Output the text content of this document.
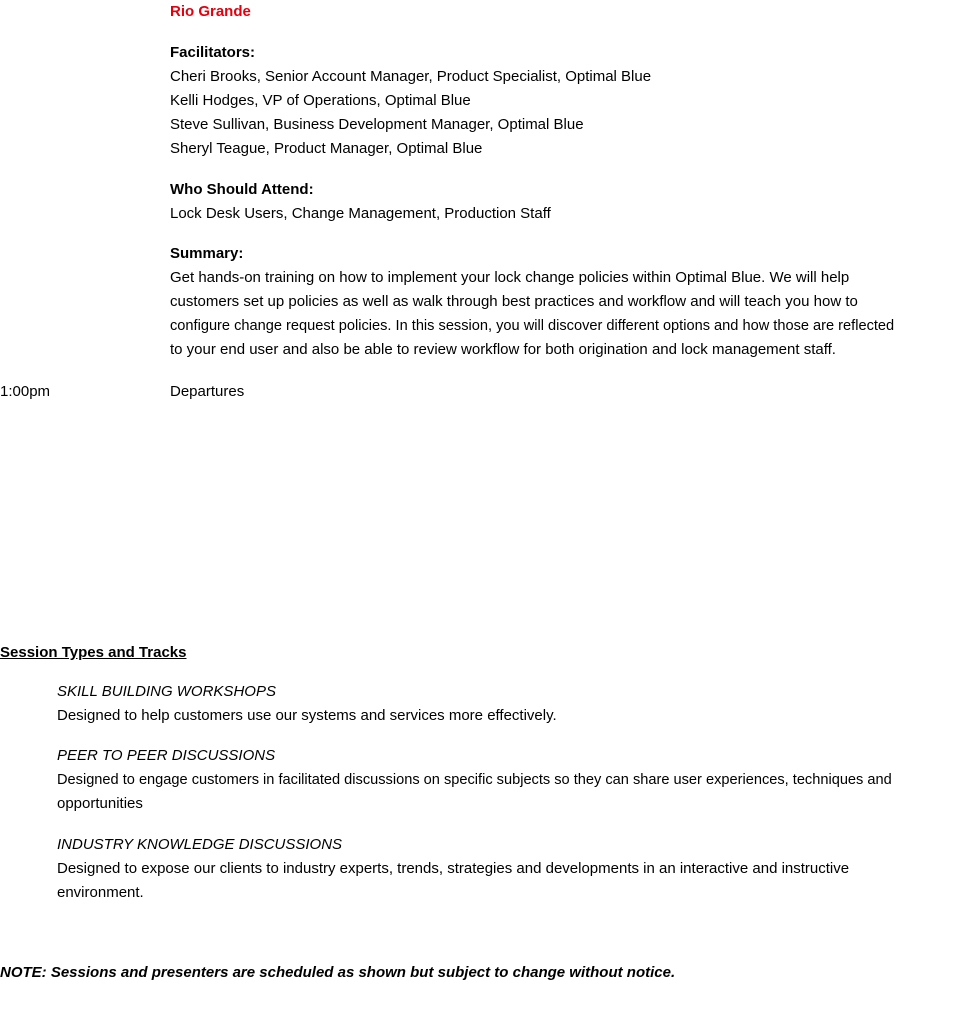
Rio Grande
Facilitators:
Cheri Brooks, Senior Account Manager, Product Specialist, Optimal Blue
Kelli Hodges, VP of Operations, Optimal Blue
Steve Sullivan, Business Development Manager, Optimal Blue
Sheryl Teague, Product Manager, Optimal Blue
Who Should Attend:
Lock Desk Users, Change Management, Production Staff
Summary:
Get hands-on training on how to implement your lock change policies within Optimal Blue. We will help
customers set up policies as well as walk through best practices and workflow and will teach you how to
configure change request policies. In this session, you will discover different options and how those are reflected
to your end user and also be able to review workflow for both origination and lock management staff.
1:00pm	Departures
Session Types and Tracks
SKILL BUILDING WORKSHOPS
Designed to help customers use our systems and services more effectively.
PEER TO PEER DISCUSSIONS
Designed to engage customers in facilitated discussions on specific subjects so they can share user experiences, techniques and
opportunities
INDUSTRY KNOWLEDGE DISCUSSIONS
Designed to expose our clients to industry experts, trends, strategies and developments in an interactive and instructive
environment.
NOTE: Sessions and presenters are scheduled as shown but subject to change without notice.
